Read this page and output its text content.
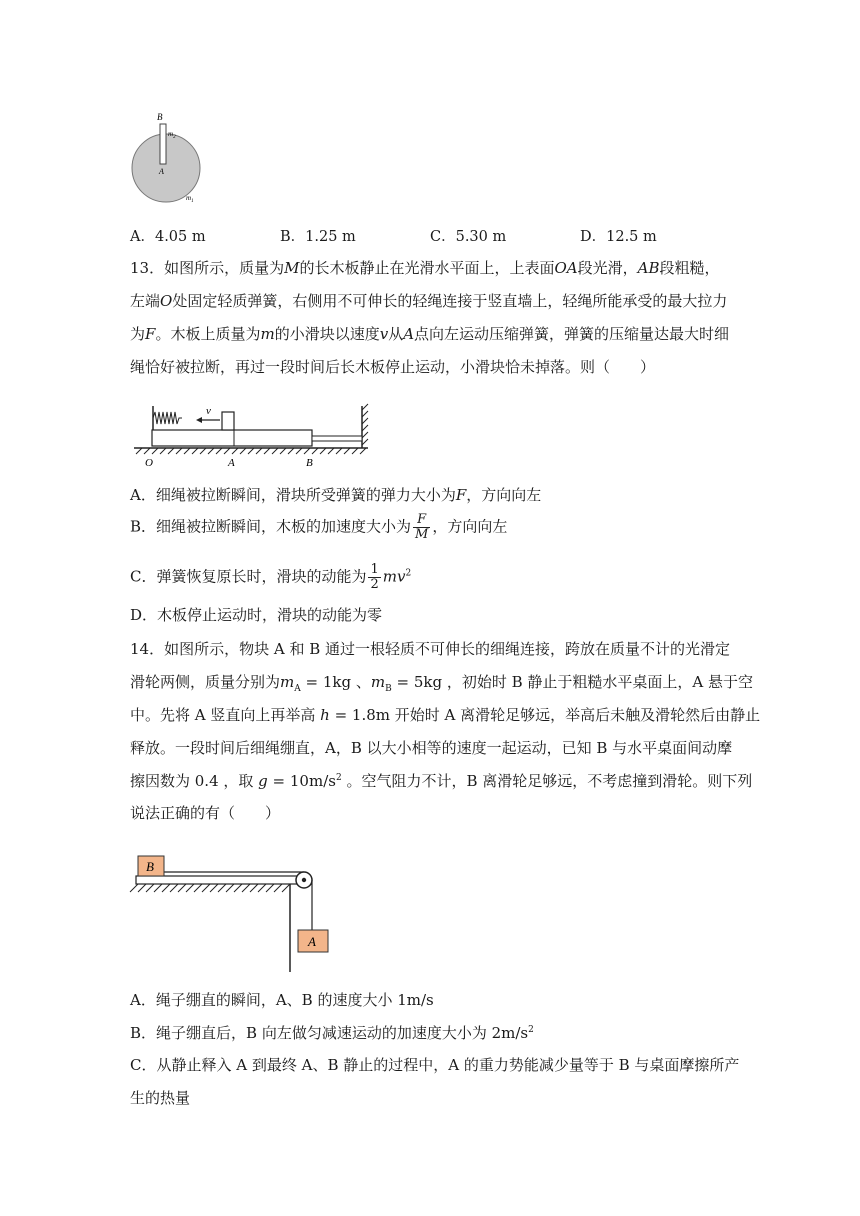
B
$m_2$
A
$m_1$
A．4.05 m	B．1.25 m	C．5.30 m	D．12.5 m

13．如图所示，质量为M的长木板静止在光滑水平面上，上表面OA段光滑，AB段粗糙，左端O处固定轻质弹簧，右侧用不可伸长的轻绳连接于竖直墙上，轻绳所能承受的最大拉力为F。木板上质量为m的小滑块以速度v从A点向左运动压缩弹簧，弹簧的压缩量达最大时细绳恰好被拉断，再过一段时间后长木板停止运动，小滑块恰未掉落。则（　　）

v
O	A	B
A．细绳被拉断瞬间，滑块所受弹簧的弹力大小为F，方向向左
B．细绳被拉断瞬间，木板的加速度大小为 $\frac{F}{M}$ ，方向向左
C．弹簧恢复原长时，滑块的动能为 $\frac{1}{2} mv^2$
D．木板停止运动时，滑块的动能为零
14．如图所示，物块 A 和 B 通过一根轻质不可伸长的细绳连接，跨放在质量不计的光滑定
滑轮两侧，质量分别为$m_A = 1kg$ 、$m_B = 5kg$ ，初始时 B 静止于粗糙水平桌面上，A 悬于空
中。先将 A 竖直向上再举高 h = 1.8m 开始时 A 离滑轮足够远，举高后未触及滑轮然后由静止
释放。一段时间后细绳绷直，A，B 以大小相等的速度一起运动，已知 B 与水平桌面间动摩
擦因数为 0.4 ，取 $g = 10m/s^2$ 。空气阻力不计，B 离滑轮足够远，不考虑撞到滑轮。则下列
说法正确的有（　　）
B
A
A．绳子绷直的瞬间，A、B 的速度大小 1m/s
B．绳子绷直后，B 向左做匀减速运动的加速度大小为 $2m/s^2$
C．从静止释入 A 到最终 A、B 静止的过程中，A 的重力势能减少量等于 B 与桌面摩擦所产
生的热量
